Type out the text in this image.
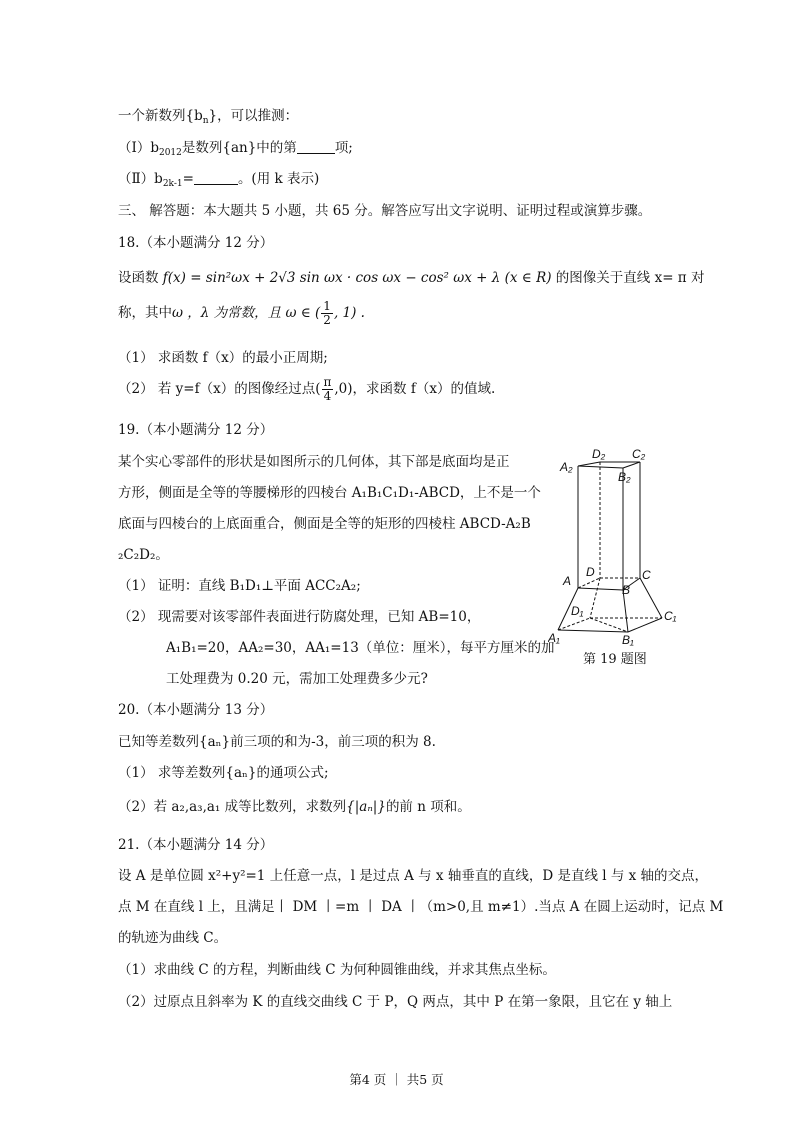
一个新数列$\{b_n\}$，可以推测：
$(Ⅰ)b_{2012}$是数列{an}中的第	项;
$(Ⅱ)b_{2k-1}=$	。(用 k 表示)
三、 解答题：本大题共 5 小题，共 65 分。解答应写出文字说明、证明过程或演算步骤。
18.（本小题满分 12 分）
设函数 f(x) = sin²ωx + 2√3 sin ωx · cos ωx − cos² ωx + λ (x ∈ R) 的图像关于直线 x= π 对
称，其中ω ，λ 为常数，且 ω ∈ ( $\frac{1}{2}$ , 1) .
（1） 求函数 f（x）的最小正周期;
（2） 若 y=f（x）的图像经过点( $\frac{\pi}{4} ,0$)，求函数 f（x）的值域.
19.（本小题满分 12 分）
某个实心零部件的形状是如图所示的几何体，其下部是底面均是正
方形，侧面是全等的等腰梯形的四棱台 A₁B₁C₁D₁-ABCD，上不是一个
底面与四棱台的上底面重合，侧面是全等的矩形的四棱柱 ABCD-A₂B
₂C₂D₂。
（1） 证明：直线 B₁D₁⊥平面 ACC₂A₂;
（2） 现需要对该零部件表面进行防腐处理，已知 AB=10，
A₁B₁=20，AA₂=30，AA₁=13（单位：厘米），每平方厘米的加
工处理费为 0.20 元，需加工处理费多少元?
A₂
D₂ C₂
B₂
A
D	C
B
D₁	C₁
A₁	B₁
第 19 题图
20.（本小题满分 13 分）
已知等差数列{aₙ}前三项的和为-3，前三项的积为 8.
（1） 求等差数列{aₙ}的通项公式;
（2）若 a₂,a₃,a₁ 成等比数列，求数列{|aₙ|}的前 n 项和。
21.（本小题满分 14 分）
设 A 是单位圆 x²+y²=1 上任意一点，l 是过点 A 与 x 轴垂直的直线，D 是直线 l 与 x 轴的交点，
点 M 在直线 l 上，且满足丨 DM 丨=m 丨 DA 丨（m>0,且 m≠1）.当点 A 在圆上运动时，记点 M
的轨迹为曲线 C。
（1）求曲线 C 的方程，判断曲线 C 为何种圆锥曲线，并求其焦点坐标。
（2）过原点且斜率为 K 的直线交曲线 C 于 P，Q 两点，其中 P 在第一象限，且它在 y 轴上
第4 页 ｜ 共5 页
